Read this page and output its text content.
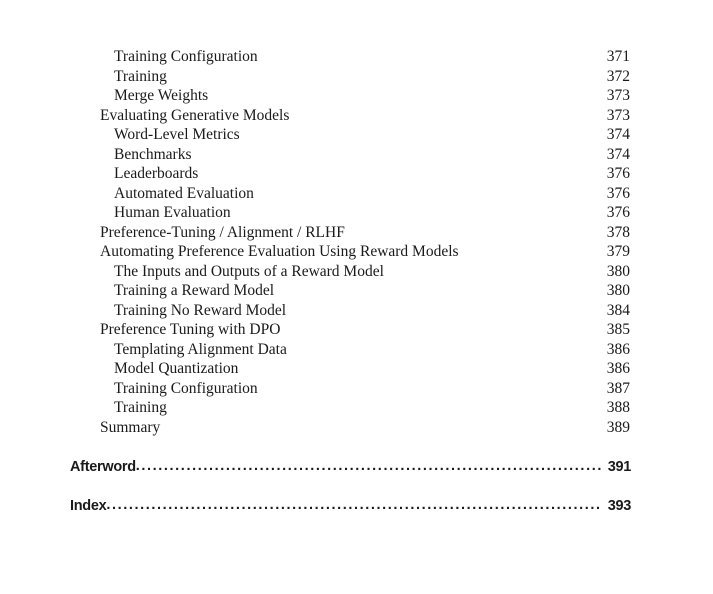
Training Configuration	371
Training	372
Merge Weights	373
Evaluating Generative Models	373
Word-Level Metrics	374
Benchmarks	374
Leaderboards	376
Automated Evaluation	376
Human Evaluation	376
Preference-Tuning / Alignment / RLHF	378
Automating Preference Evaluation Using Reward Models	379
The Inputs and Outputs of a Reward Model	380
Training a Reward Model	380
Training No Reward Model	384
Preference Tuning with DPO	385
Templating Alignment Data	386
Model Quantization	386
Training Configuration	387
Training	388
Summary	389
Afterword .....	391
Index .....	393
